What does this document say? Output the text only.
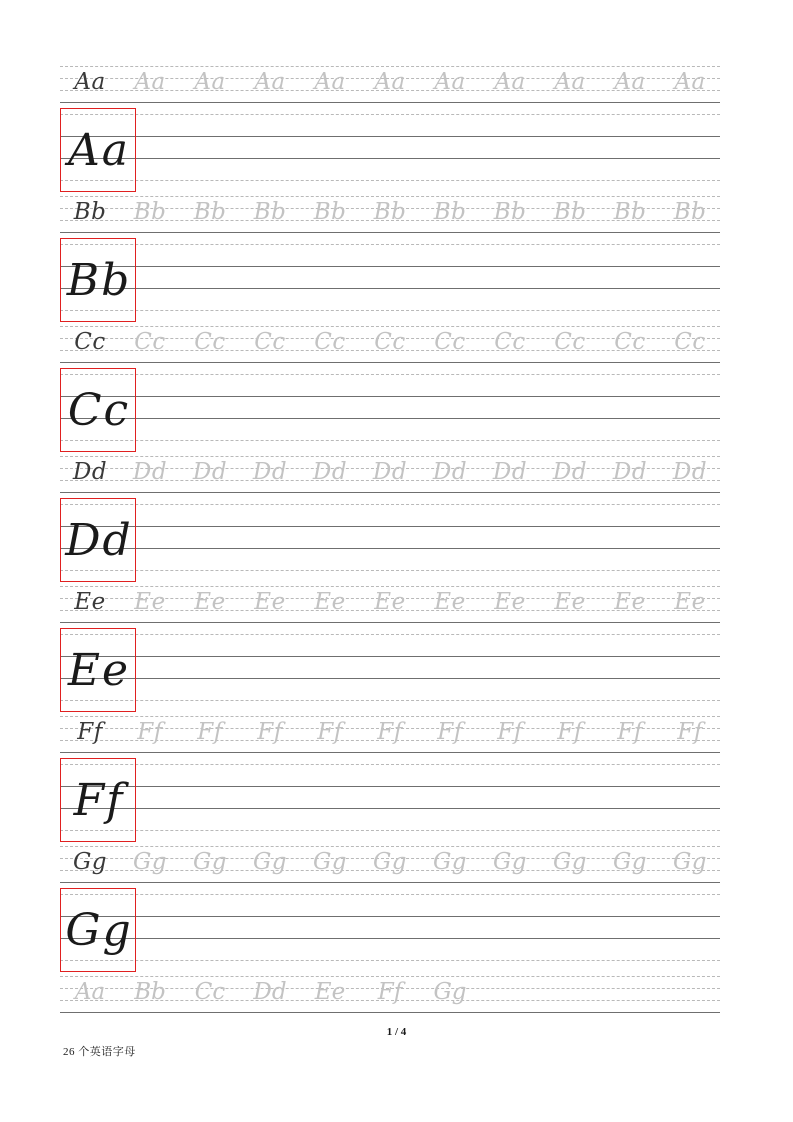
Aa	Aa	Aa	Aa	Aa	Aa	Aa	Aa	Aa	Aa	Aa
Aa
Bb	Bb	Bb	Bb	Bb	Bb	Bb	Bb	Bb	Bb	Bb
Bb
Cc	Cc	Cc	Cc	Cc	Cc	Cc	Cc	Cc	Cc	Cc
Cc
Dd	Dd	Dd	Dd	Dd	Dd	Dd	Dd	Dd	Dd	Dd
Dd
Ee	Ee	Ee	Ee	Ee	Ee	Ee	Ee	Ee	Ee	Ee
Ee
Ff	Ff	Ff	Ff	Ff	Ff	Ff	Ff	Ff	Ff	Ff
Ff
Gg	Gg	Gg	Gg	Gg	Gg	Gg	Gg	Gg	Gg	Gg
Gg
Aa	Bb	Cc	Dd	Ee	Ff	Gg
1 / 4
26 个英语字母
